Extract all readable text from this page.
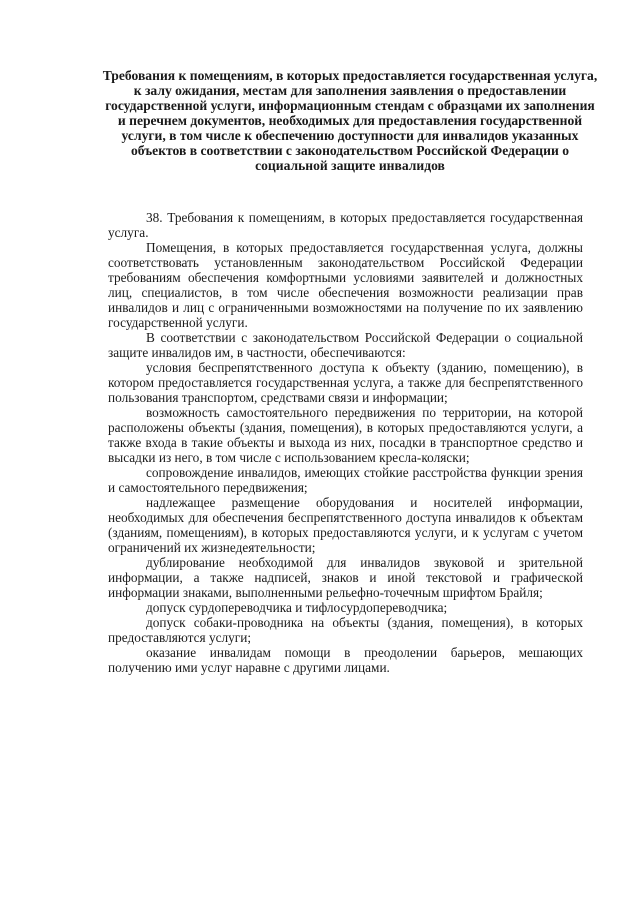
Требования к помещениям, в которых предоставляется государственная услуга, к залу ожидания, местам для заполнения заявления о предоставлении государственной услуги, информационным стендам с образцами их заполнения и перечнем документов, необходимых для предоставления государственной услуги, в том числе к обеспечению доступности для инвалидов указанных объектов в соответствии с законодательством Российской Федерации о социальной защите инвалидов

38. Требования к помещениям, в которых предоставляется государственная услуга.

Помещения, в которых предоставляется государственная услуга, должны соответствовать установленным законодательством Российской Федерации требованиям обеспечения комфортными условиями заявителей и должностных лиц, специалистов, в том числе обеспечения возможности реализации прав инвалидов и лиц с ограниченными возможностями на получение по их заявлению государственной услуги.

В соответствии с законодательством Российской Федерации о социальной защите инвалидов им, в частности, обеспечиваются:

условия беспрепятственного доступа к объекту (зданию, помещению), в котором предоставляется государственная услуга, а также для беспрепятственного пользования транспортом, средствами связи и информации;

возможность самостоятельного передвижения по территории, на которой расположены объекты (здания, помещения), в которых предоставляются услуги, а также входа в такие объекты и выхода из них, посадки в транспортное средство и высадки из него, в том числе с использованием кресла-коляски;

сопровождение инвалидов, имеющих стойкие расстройства функции зрения и самостоятельного передвижения;

надлежащее размещение оборудования и носителей информации, необходимых для обеспечения беспрепятственного доступа инвалидов к объектам (зданиям, помещениям), в которых предоставляются услуги, и к услугам с учетом ограничений их жизнедеятельности;

дублирование необходимой для инвалидов звуковой и зрительной информации, а также надписей, знаков и иной текстовой и графической информации знаками, выполненными рельефно-точечным шрифтом Брайля;

допуск сурдопереводчика и тифлосурдопереводчика;

допуск собаки-проводника на объекты (здания, помещения), в которых предоставляются услуги;

оказание инвалидам помощи в преодолении барьеров, мешающих получению ими услуг наравне с другими лицами.
